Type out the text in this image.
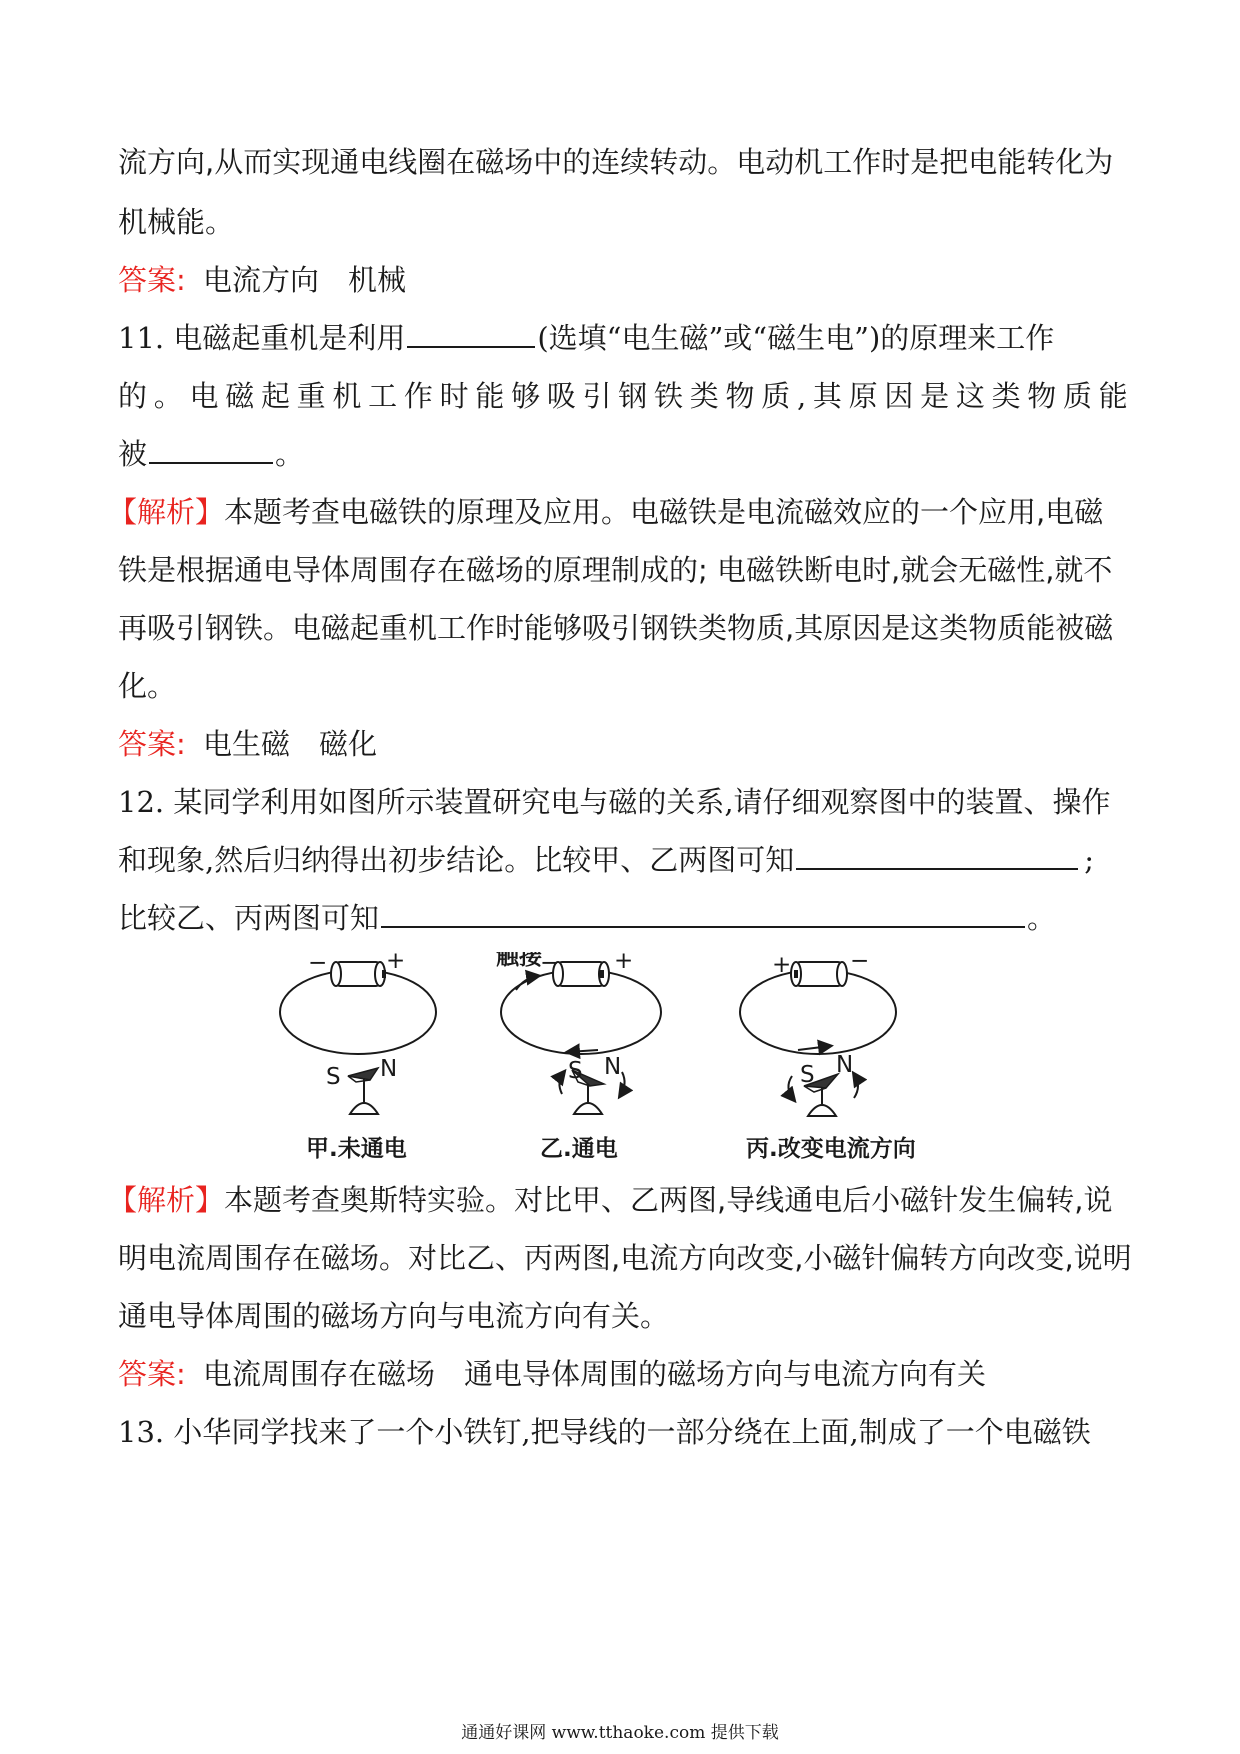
流方向,从而实现通电线圈在磁场中的连续转动。电动机工作时是把电能转化为
机械能。
答案: 电流方向　机械
11. 电磁起重机是利用	(选填“电生磁”或“磁生电”)的原理来工作
的 。 电 磁 起 重 机 工 作 时 能 够 吸 引 钢 铁 类 物 质 , 其 原 因 是 这 类 物 质 能
被	。
【解析】本题考查电磁铁的原理及应用。电磁铁是电流磁效应的一个应用,电磁
铁是根据通电导体周围存在磁场的原理制成的; 电磁铁断电时,就会无磁性,就不
再吸引钢铁。电磁起重机工作时能够吸引钢铁类物质,其原因是这类物质能被磁
化。
答案: 电生磁　磁化
12. 某同学利用如图所示装置研究电与磁的关系,请仔细观察图中的装置、操作
和现象,然后归纳得出初步结论。比较甲、乙两图可知	;
比较乙、丙两图可知	。
−	+
S N
甲.未通电
触接
− +
S N
乙.通电
+	−
S N
丙.改变电流方向
【解析】本题考查奥斯特实验。对比甲、乙两图,导线通电后小磁针发生偏转,说
明电流周围存在磁场。对比乙、丙两图,电流方向改变,小磁针偏转方向改变,说明
通电导体周围的磁场方向与电流方向有关。
答案: 电流周围存在磁场　通电导体周围的磁场方向与电流方向有关
13. 小华同学找来了一个小铁钉,把导线的一部分绕在上面,制成了一个电磁铁
通通好课网 www.tthaoke.com 提供下载
